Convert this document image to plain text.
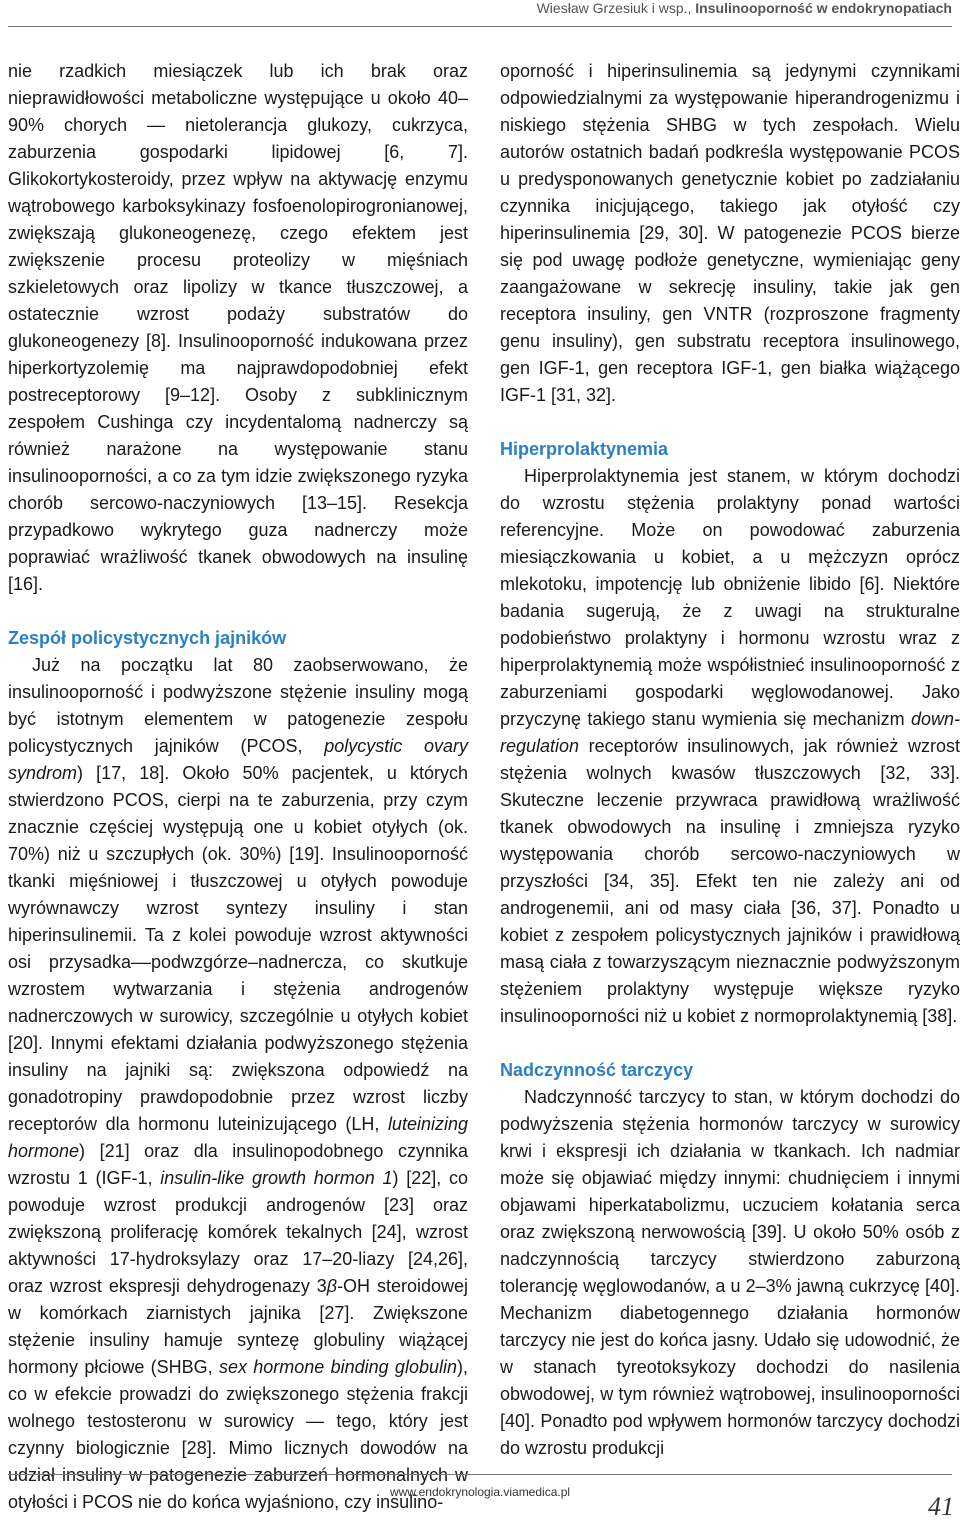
Wiesław Grzesiuk i wsp., Insulinooporność w endokrynopatiach

nie rzadkich miesiączek lub ich brak oraz nieprawidłowości metaboliczne występujące u około 40–90% chorych — nietolerancja glukozy, cukrzyca, zaburzenia gospodarki lipidowej [6, 7]. Glikokortykosteroidy, przez wpływ na aktywację enzymu wątrobowego karboksykinazy fosfoenolopirogronianowej, zwiększają glukoneogenezę, czego efektem jest zwiększenie procesu proteolizy w mięśniach szkieletowych oraz lipolizy w tkance tłuszczowej, a ostatecznie wzrost podaży substratów do glukoneogenezy [8]. Insulinooporność indukowana przez hiperkortyzolemię ma najprawdopodobniej efekt postreceptorowy [9–12]. Osoby z subklinicznym zespołem Cushinga czy incydentalomą nadnerczy są również narażone na występowanie stanu insulinooporności, a co za tym idzie zwiększonego ryzyka chorób sercowo-naczyniowych [13–15]. Resekcja przypadkowo wykrytego guza nadnerczy może poprawiać wrażliwość tkanek obwodowych na insulinę [16].

Zespół policystycznych jajników

Już na początku lat 80 zaobserwowano, że insulinooporność i podwyższone stężenie insuliny mogą być istotnym elementem w patogenezie zespołu policystycznych jajników (PCOS, polycystic ovary syndrom) [17, 18]. Około 50% pacjentek, u których stwierdzono PCOS, cierpi na te zaburzenia, przy czym znacznie częściej występują one u kobiet otyłych (ok. 70%) niż u szczupłych (ok. 30%) [19]. Insulinooporność tkanki mięśniowej i tłuszczowej u otyłych powoduje wyrównawczy wzrost syntezy insuliny i stan hiperinsulinemii. Ta z kolei powoduje wzrost aktywności osi przysadka––podwzgórze–nadnercza, co skutkuje wzrostem wytwarzania i stężenia androgenów nadnerczowych w surowicy, szczególnie u otyłych kobiet [20]. Innymi efektami działania podwyższonego stężenia insuliny na jajniki są: zwiększona odpowiedź na gonadotropiny prawdopodobnie przez wzrost liczby receptorów dla hormonu luteinizującego (LH, luteinizing hormone) [21] oraz dla insulinopodobnego czynnika wzrostu 1 (IGF-1, insulin-like growth hormon 1) [22], co powoduje wzrost produkcji androgenów [23] oraz zwiększoną proliferację komórek tekalnych [24], wzrost aktywności 17-hydroksylazy oraz 17–20-liazy [24,26], oraz wzrost ekspresji dehydrogenazy 3β-OH steroidowej w komórkach ziarnistych jajnika [27]. Zwiększone stężenie insuliny hamuje syntezę globuliny wiążącej hormony płciowe (SHBG, sex hormone binding globulin), co w efekcie prowadzi do zwiększonego stężenia frakcji wolnego testosteronu w surowicy — tego, który jest czynny biologicznie [28]. Mimo licznych dowodów na udział insuliny w patogenezie zaburzeń hormonalnych w otyłości i PCOS nie do końca wyjaśniono, czy insulino-

oporność i hiperinsulinemia są jedynymi czynnikami odpowiedzialnymi za występowanie hiperandrogenizmu i niskiego stężenia SHBG w tych zespołach. Wielu autorów ostatnich badań podkreśla występowanie PCOS u predysponowanych genetycznie kobiet po zadziałaniu czynnika inicjującego, takiego jak otyłość czy hiperinsulinemia [29, 30]. W patogenezie PCOS bierze się pod uwagę podłoże genetyczne, wymieniając geny zaangażowane w sekrecję insuliny, takie jak gen receptora insuliny, gen VNTR (rozproszone fragmenty genu insuliny), gen substratu receptora insulinowego, gen IGF-1, gen receptora IGF-1, gen białka wiążącego IGF-1 [31, 32].

Hiperprolaktynemia

Hiperprolaktynemia jest stanem, w którym dochodzi do wzrostu stężenia prolaktyny ponad wartości referencyjne. Może on powodować zaburzenia miesiączkowania u kobiet, a u mężczyzn oprócz mlekotoku, impotencję lub obniżenie libido [6]. Niektóre badania sugerują, że z uwagi na strukturalne podobieństwo prolaktyny i hormonu wzrostu wraz z hiperprolaktynemią może współistnieć insulinooporność z zaburzeniami gospodarki węglowodanowej. Jako przyczynę takiego stanu wymienia się mechanizm down-regulation receptorów insulinowych, jak również wzrost stężenia wolnych kwasów tłuszczowych [32, 33]. Skuteczne leczenie przywraca prawidłową wrażliwość tkanek obwodowych na insulinę i zmniejsza ryzyko występowania chorób sercowo-naczyniowych w przyszłości [34, 35]. Efekt ten nie zależy ani od androgenemii, ani od masy ciała [36, 37]. Ponadto u kobiet z zespołem policystycznych jajników i prawidłową masą ciała z towarzyszącym nieznacznie podwyższonym stężeniem prolaktyny występuje większe ryzyko insulinooporności niż u kobiet z normoprolaktynemią [38].

Nadczynność tarczycy

Nadczynność tarczycy to stan, w którym dochodzi do podwyższenia stężenia hormonów tarczycy w surowicy krwi i ekspresji ich działania w tkankach. Ich nadmiar może się objawiać między innymi: chudnięciem i innymi objawami hiperkatabolizmu, uczuciem kołatania serca oraz zwiększoną nerwowością [39]. U około 50% osób z nadczynnością tarczycy stwierdzono zaburzoną tolerancję węglowodanów, a u 2–3% jawną cukrzycę [40]. Mechanizm diabetogennego działania hormonów tarczycy nie jest do końca jasny. Udało się udowodnić, że w stanach tyreotoksykozy dochodzi do nasilenia obwodowej, w tym również wątrobowej, insulinooporności [40]. Ponadto pod wpływem hormonów tarczycy dochodzi do wzrostu produkcji

www.endokrynologia.viamedica.pl	41
